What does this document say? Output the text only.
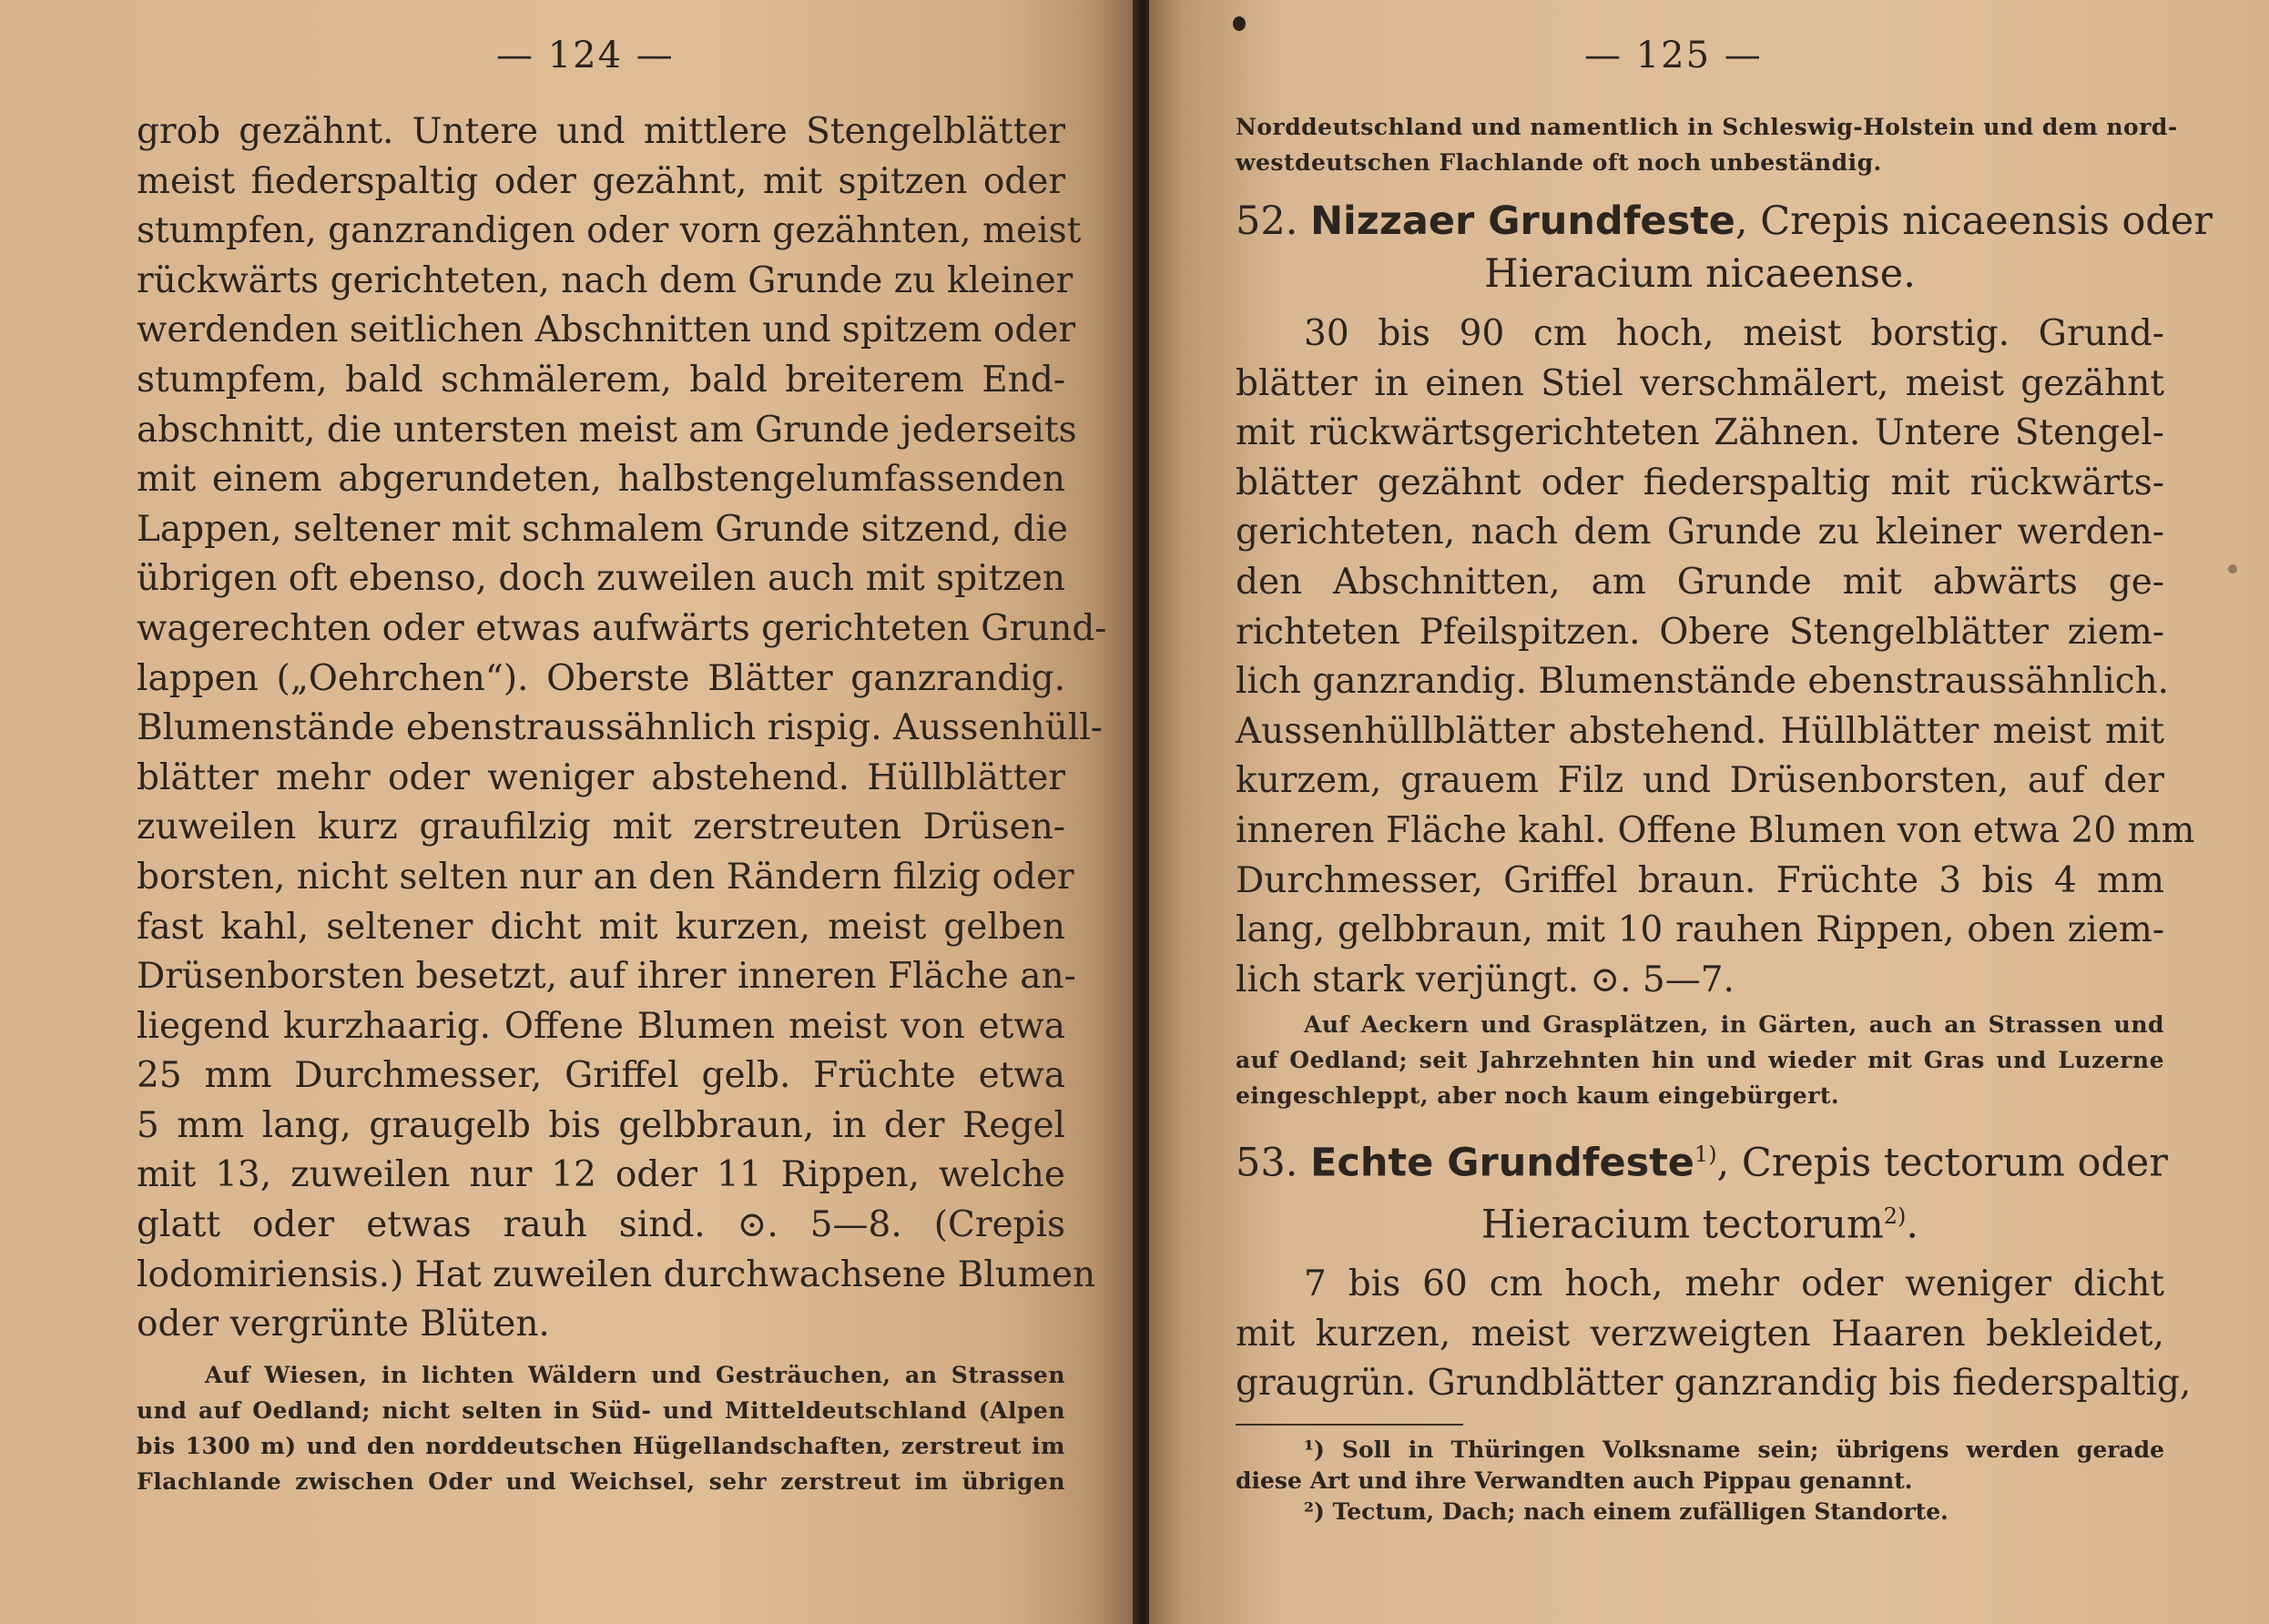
— 124 —
grob gezähnt. Untere und mittlere Stengelblätter
meist fiederspaltig oder gezähnt, mit spitzen oder
stumpfen, ganzrandigen oder vorn gezähnten, meist
rückwärts gerichteten, nach dem Grunde zu kleiner
werdenden seitlichen Abschnitten und spitzem oder
stumpfem, bald schmälerem, bald breiterem End-
abschnitt, die untersten meist am Grunde jederseits
mit einem abgerundeten, halbstengelumfassenden
Lappen, seltener mit schmalem Grunde sitzend, die
übrigen oft ebenso, doch zuweilen auch mit spitzen
wagerechten oder etwas aufwärts gerichteten Grund-
lappen („Oehrchen“). Oberste Blätter ganzrandig.
Blumenstände ebenstraussähnlich rispig. Aussenhüll-
blätter mehr oder weniger abstehend. Hüllblätter
zuweilen kurz graufilzig mit zerstreuten Drüsen-
borsten, nicht selten nur an den Rändern filzig oder
fast kahl, seltener dicht mit kurzen, meist gelben
Drüsenborsten besetzt, auf ihrer inneren Fläche an-
liegend kurzhaarig. Offene Blumen meist von etwa
25 mm Durchmesser, Griffel gelb. Früchte etwa
5 mm lang, graugelb bis gelbbraun, in der Regel
mit 13, zuweilen nur 12 oder 11 Rippen, welche
glatt oder etwas rauh sind. ⊙. 5—8. (Crepis
lodomiriensis.) Hat zuweilen durchwachsene Blumen
oder vergrünte Blüten.
Auf Wiesen, in lichten Wäldern und Gesträuchen, an Strassen
und auf Oedland; nicht selten in Süd- und Mitteldeutschland (Alpen
bis 1300 m) und den norddeutschen Hügellandschaften, zerstreut im
Flachlande zwischen Oder und Weichsel, sehr zerstreut im übrigen
— 125 —
Norddeutschland und namentlich in Schleswig-Holstein und dem nord-
westdeutschen Flachlande oft noch unbeständig.
52. Nizzaer Grundfeste, Crepis nicaeensis oder
Hieracium nicaeense.
30 bis 90 cm hoch, meist borstig. Grund-
blätter in einen Stiel verschmälert, meist gezähnt
mit rückwärtsgerichteten Zähnen. Untere Stengel-
blätter gezähnt oder fiederspaltig mit rückwärts-
gerichteten, nach dem Grunde zu kleiner werden-
den Abschnitten, am Grunde mit abwärts ge-
richteten Pfeilspitzen. Obere Stengelblätter ziem-
lich ganzrandig. Blumenstände ebenstraussähnlich.
Aussenhüllblätter abstehend. Hüllblätter meist mit
kurzem, grauem Filz und Drüsenborsten, auf der
inneren Fläche kahl. Offene Blumen von etwa 20 mm
Durchmesser, Griffel braun. Früchte 3 bis 4 mm
lang, gelbbraun, mit 10 rauhen Rippen, oben ziem-
lich stark verjüngt. ⊙. 5—7.
Auf Aeckern und Grasplätzen, in Gärten, auch an Strassen und
auf Oedland; seit Jahrzehnten hin und wieder mit Gras und Luzerne
eingeschleppt, aber noch kaum eingebürgert.
53. Echte Grundfeste$^{1)}$, Crepis tectorum oder
Hieracium tectorum$^{2)}$.
7 bis 60 cm hoch, mehr oder weniger dicht
mit kurzen, meist verzweigten Haaren bekleidet,
graugrün. Grundblätter ganzrandig bis fiederspaltig,
¹) Soll in Thüringen Volksname sein; übrigens werden gerade
diese Art und ihre Verwandten auch Pippau genannt.
²) Tectum, Dach; nach einem zufälligen Standorte.
